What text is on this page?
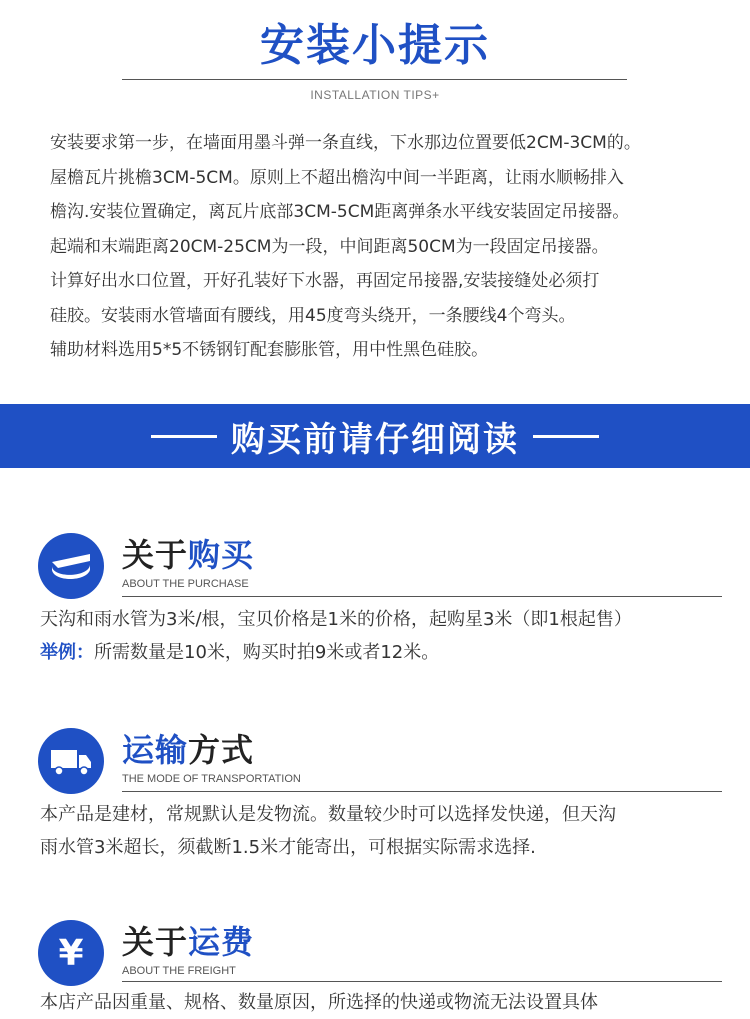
安装小提示
INSTALLATION TIPS+
安装要求第一步，在墙面用墨斗弹一条直线，下水那边位置要低2CM-3CM的。
屋檐瓦片挑檐3CM-5CM。原则上不超出檐沟中间一半距离，让雨水顺畅排入
檐沟.安装位置确定，离瓦片底部3CM-5CM距离弹条水平线安装固定吊接器。
起端和末端距离20CM-25CM为一段，中间距离50CM为一段固定吊接器。
计算好出水口位置，开好孔装好下水器，再固定吊接器,安装接缝处必须打
硅胶。安装雨水管墙面有腰线，用45度弯头绕开，一条腰线4个弯头。
辅助材料选用5*5不锈钢钉配套膨胀管，用中性黑色硅胶。
购买前请仔细阅读
关于购买
ABOUT THE PURCHASE
天沟和雨水管为3米/根，宝贝价格是1米的价格，起购星3米（即1根起售）
举例：所需数量是10米，购买时拍9米或者12米。
运输方式
THE MODE OF TRANSPORTATION
本产品是建材，常规默认是发物流。数量较少时可以选择发快递，但天沟
雨水管3米超长，须截断1.5米才能寄出，可根据实际需求选择.
¥	关于运费
ABOUT THE FREIGHT
本店产品因重量、规格、数量原因，所选择的快递或物流无法设置具体
